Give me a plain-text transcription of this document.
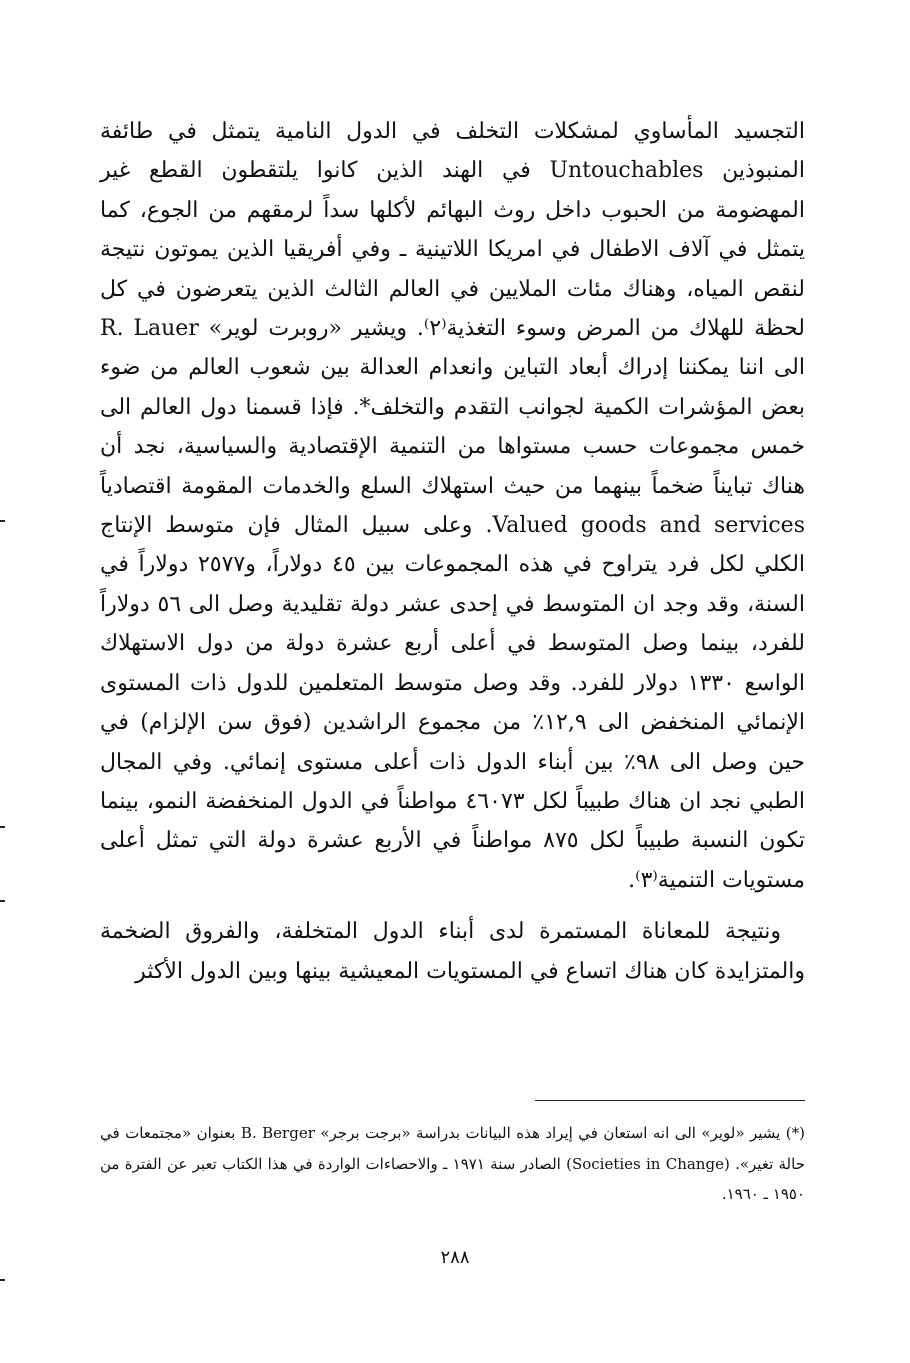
التجسيد المأساوي لمشكلات التخلف في الدول النامية يتمثل في طائفة المنبوذين Untouchables في الهند الذين كانوا يلتقطون القطع غير المهضومة من الحبوب داخل روث البهائم لأكلها سداً لرمقهم من الجوع، كما يتمثل في آلاف الاطفال في امريكا اللاتينية ـ وفي أفريقيا الذين يموتون نتيجة لنقص المياه، وهناك مئات الملايين في العالم الثالث الذين يتعرضون في كل لحظة للهلاك من المرض وسوء التغذية⁽٢⁾. ويشير «روبرت لوير» R. Lauer الى اننا يمكننا إدراك أبعاد التباين وانعدام العدالة بين شعوب العالم من ضوء بعض المؤشرات الكمية لجوانب التقدم والتخلف*. فإذا قسمنا دول العالم الى خمس مجموعات حسب مستواها من التنمية الإقتصادية والسياسية، نجد أن هناك تبايناً ضخماً بينهما من حيث استهلاك السلع والخدمات المقومة اقتصادياً Valued goods and services. وعلى سبيل المثال فإن متوسط الإنتاج الكلي لكل فرد يتراوح في هذه المجموعات بين ٤٥ دولاراً، و٢٥٧٧ دولاراً في السنة، وقد وجد ان المتوسط في إحدى عشر دولة تقليدية وصل الى ٥٦ دولاراً للفرد، بينما وصل المتوسط في أعلى أربع عشرة دولة من دول الاستهلاك الواسع ١٣٣٠ دولار للفرد. وقد وصل متوسط المتعلمين للدول ذات المستوى الإنمائي المنخفض الى ١٢,٩٪ من مجموع الراشدين (فوق سن الإلزام) في حين وصل الى ٩٨٪ بين أبناء الدول ذات أعلى مستوى إنمائي. وفي المجال الطبي نجد ان هناك طبيباً لكل ٤٦٠٧٣ مواطناً في الدول المنخفضة النمو، بينما تكون النسبة طبيباً لكل ٨٧٥ مواطناً في الأربع عشرة دولة التي تمثل أعلى مستويات التنمية⁽٣⁾.

ونتيجة للمعاناة المستمرة لدى أبناء الدول المتخلفة، والفروق الضخمة والمتزايدة كان هناك اتساع في المستويات المعيشية بينها وبين الدول الأكثر

(*) يشير «لوير» الى انه استعان في إيراد هذه البيانات بدراسة «برجت برجر» B. Berger بعنوان «مجتمعات في حالة تغير». (Societies in Change) الصادر سنة ١٩٧١ ـ والاحصاءات الواردة في هذا الكتاب تعبر عن الفترة من ١٩٥٠ ـ ١٩٦٠.

٢٨٨
